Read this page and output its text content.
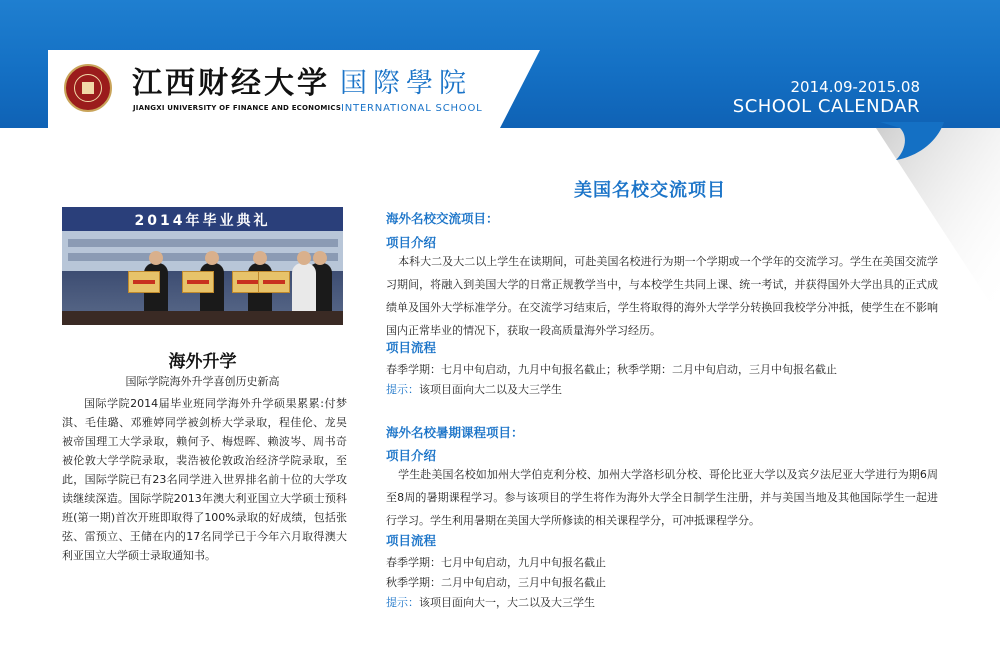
江西财经大学
JIANGXI UNIVERSITY OF FINANCE AND ECONOMICS
国際學院
INTERNATIONAL SCHOOL
2014.09-2015.08
SCHOOL CALENDAR
2014年毕业典礼
海外升学
国际学院海外升学喜创历史新高
国际学院2014届毕业班同学海外升学硕果累累:付梦淇、毛佳璐、邓雅婷同学被剑桥大学录取，程佳伦、龙昊被帝国理工大学录取，赖何予、梅煜晖、赖波岑、周书奇被伦敦大学学院录取，裴浩被伦敦政治经济学院录取，至此，国际学院已有23名同学进入世界排名前十位的大学攻读继续深造。国际学院2013年澳大利亚国立大学硕士预科班(第一期)首次开班即取得了100%录取的好成绩，包括张弦、雷预立、王储在内的17名同学已于今年六月取得澳大利亚国立大学硕士录取通知书。
美国名校交流项目
海外名校交流项目：
项目介绍
本科大二及大二以上学生在读期间，可赴美国名校进行为期一个学期或一个学年的交流学习。学生在美国交流学习期间，将融入到美国大学的日常正规教学当中，与本校学生共同上课、统一考试，并获得国外大学出具的正式成绩单及国外大学标准学分。在交流学习结束后，学生将取得的海外大学学分转换回我校学分冲抵，使学生在不影响国内正常毕业的情况下，获取一段高质量海外学习经历。
项目流程
春季学期：七月中旬启动，九月中旬报名截止；秋季学期：二月中旬启动，三月中旬报名截止
提示：该项目面向大二以及大三学生
海外名校暑期课程项目：
项目介绍
学生赴美国名校如加州大学伯克利分校、加州大学洛杉矶分校、哥伦比亚大学以及宾夕法尼亚大学进行为期6周至8周的暑期课程学习。参与该项目的学生将作为海外大学全日制学生注册，并与美国当地及其他国际学生一起进行学习。学生利用暑期在美国大学所修读的相关课程学分，可冲抵课程学分。
项目流程
春季学期：七月中旬启动，九月中旬报名截止
秋季学期：二月中旬启动，三月中旬报名截止
提示：该项目面向大一，大二以及大三学生
